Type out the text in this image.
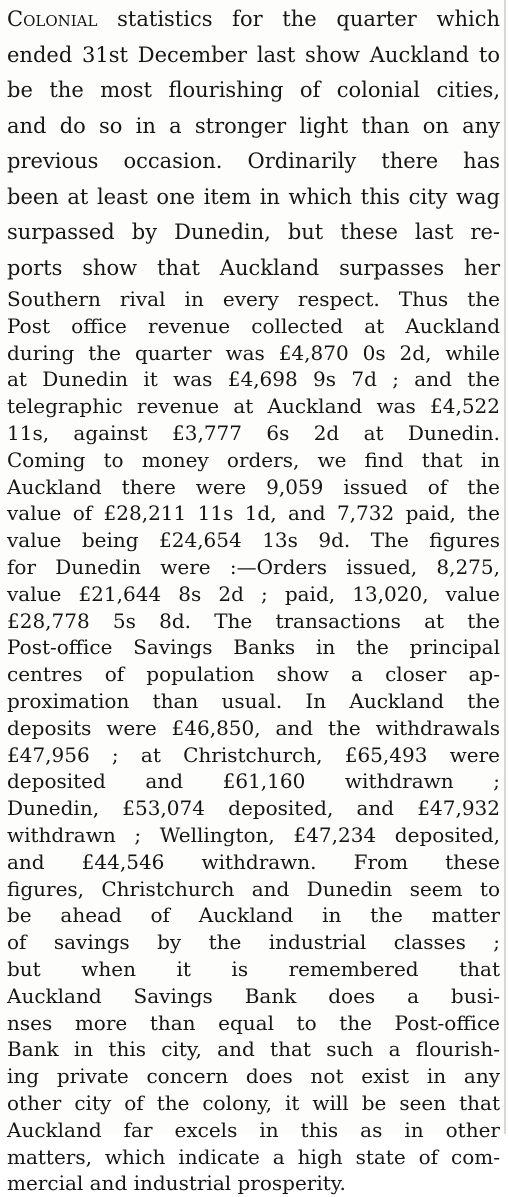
Colonial statistics for the quarter which
ended 31st December last show Auckland to
be the most flourishing of colonial cities,
and do so in a stronger light than on any
previous occasion. Ordinarily there has
been at least one item in which this city wag
surpassed by Dunedin, but these last re-
ports show that Auckland surpasses her
Southern rival in every respect. Thus the
Post office revenue collected at Auckland
during the quarter was £4,870 0s 2d, while
at Dunedin it was £4,698 9s 7d ; and the
telegraphic revenue at Auckland was £4,522
11s, against £3,777 6s 2d at Dunedin.
Coming to money orders, we find that in
Auckland there were 9,059 issued of the
value of £28,211 11s 1d, and 7,732 paid, the
value being £24,654 13s 9d. The figures
for Dunedin were :—Orders issued, 8,275,
value £21,644 8s 2d ; paid, 13,020, value
£28,778 5s 8d. The transactions at the
Post-office Savings Banks in the principal
centres of population show a closer ap-
proximation than usual. In Auckland the
deposits were £46,850, and the withdrawals
£47,956 ; at Christchurch, £65,493 were
deposited and £61,160 withdrawn ;
Dunedin, £53,074 deposited, and £47,932
withdrawn ; Wellington, £47,234 deposited,
and £44,546 withdrawn. From these
figures, Christchurch and Dunedin seem to
be ahead of Auckland in the matter
of savings by the industrial classes ;
but when it is remembered that
Auckland Savings Bank does a busi-
nses more than equal to the Post-office
Bank in this city, and that such a flourish-
ing private concern does not exist in any
other city of the colony, it will be seen that
Auckland far excels in this as in other
matters, which indicate a high state of com-
mercial and industrial prosperity.
